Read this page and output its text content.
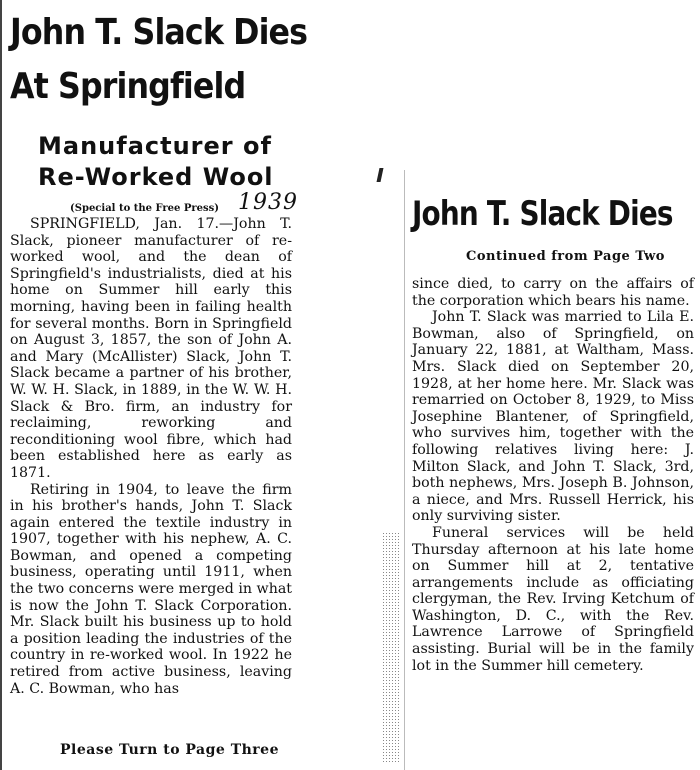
John T. Slack Dies
At Springfield
Manufacturer of
Re-Worked Wool
1939
(Special to the Free Press)

SPRINGFIELD, Jan. 17.—John T. Slack, pioneer manufacturer of re-worked wool, and the dean of Springfield's industrialists, died at his home on Summer hill early this morning, having been in failing health for several months. Born in Springfield on August 3, 1857, the son of John A. and Mary (McAllister) Slack, John T. Slack became a partner of his brother, W. W. H. Slack, in 1889, in the W. W. H. Slack & Bro. firm, an industry for reclaiming, reworking and reconditioning wool fibre, which had been established here as early as 1871.

Retiring in 1904, to leave the firm in his brother's hands, John T. Slack again entered the textile industry in 1907, together with his nephew, A. C. Bowman, and opened a competing business, operating until 1911, when the two concerns were merged in what is now the John T. Slack Corporation. Mr. Slack built his business up to hold a position leading the industries of the country in re-worked wool. In 1922 he retired from active business, leaving A. C. Bowman, who has

Please Turn to Page Three
John T. Slack Dies
Continued from Page Two

since died, to carry on the affairs of the corporation which bears his name.

John T. Slack was married to Lila E. Bowman, also of Springfield, on January 22, 1881, at Waltham, Mass. Mrs. Slack died on September 20, 1928, at her home here. Mr. Slack was remarried on October 8, 1929, to Miss Josephine Blantener, of Springfield, who survives him, together with the following relatives living here: J. Milton Slack, and John T. Slack, 3rd, both nephews, Mrs. Joseph B. Johnson, a niece, and Mrs. Russell Herrick, his only surviving sister.

Funeral services will be held Thursday afternoon at his late home on Summer hill at 2, tentative arrangements include as officiating clergyman, the Rev. Irving Ketchum of Washington, D. C., with the Rev. Lawrence Larrowe of Springfield assisting. Burial will be in the family lot in the Summer hill cemetery.
